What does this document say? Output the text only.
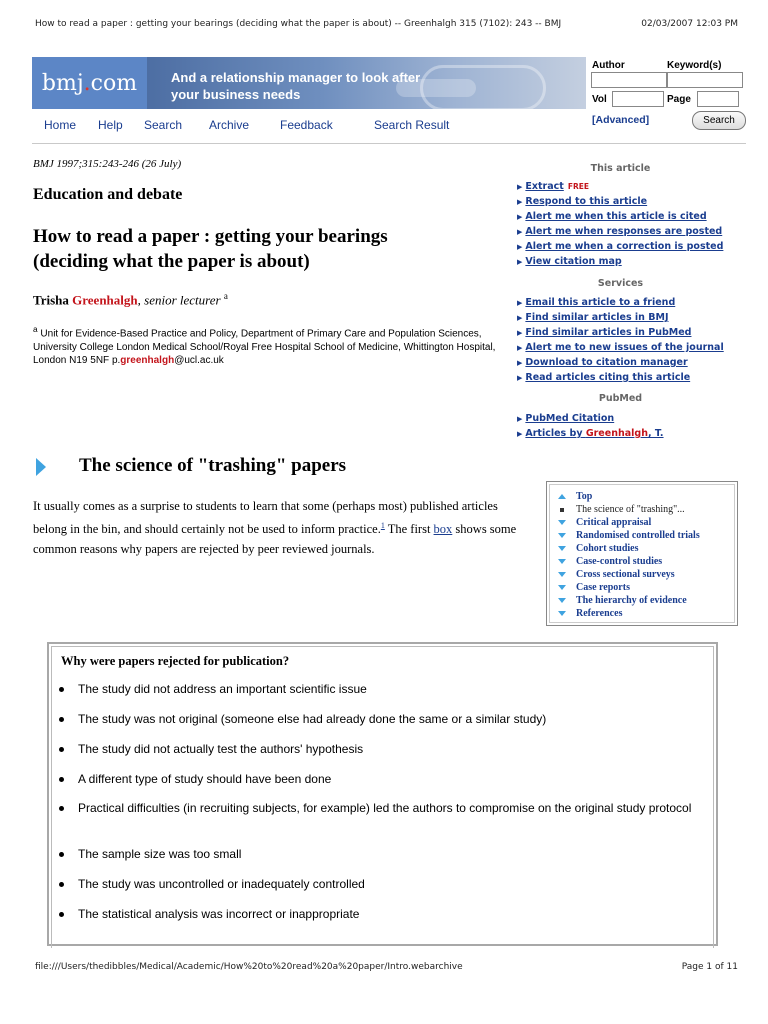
How to read a paper : getting your bearings (deciding what the paper is about) -- Greenhalgh 315 (7102): 243 -- BMJ	02/03/2007 12:03 PM
bmj . com	And a relationship manager to look after
your business needs
Author	Keyword(s)
Vol	Page
[Advanced]	Search
Home Help Search Archive	Feedback	Search Result
BMJ 1997;315:243-246 (26 July)
Education and debate
How to read a paper : getting your bearings
(deciding what the paper is about)
Trisha Greenhalgh, senior lecturer $^a$
$^a$ Unit for Evidence-Based Practice and Policy, Department of Primary Care and Population Sciences, University College London Medical School/Royal Free Hospital School of Medicine, Whittington Hospital, London N19 5NF p.greenhalgh@ucl.ac.uk
This article
▶ Extract FREE
▶ Respond to this article
▶ Alert me when this article is cited
▶ Alert me when responses are posted
▶ Alert me when a correction is posted
▶ View citation map
Services
▶ Email this article to a friend
▶ Find similar articles in BMJ
▶ Find similar articles in PubMed
▶ Alert me to new issues of the journal
▶ Download to citation manager
▶ Read articles citing this article
PubMed
▶ PubMed Citation
▶ Articles by Greenhalgh, T.
The science of "trashing" papers
It usually comes as a surprise to students to learn that some (perhaps most) published articles belong in the bin, and should certainly not be used to inform practice.$^1$ The first box shows some common reasons why papers are rejected by peer reviewed journals.
Top
The science of "trashing"...
Critical appraisal
Randomised controlled trials
Cohort studies
Case-control studies
Cross sectional surveys
Case reports
The hierarchy of evidence
References
Why were papers rejected for publication?
The study did not address an important scientific issue
The study was not original (someone else had already done the same or a similar study)
The study did not actually test the authors' hypothesis
A different type of study should have been done
Practical difficulties (in recruiting subjects, for example) led the authors to compromise on the original study protocol
The sample size was too small
The study was uncontrolled or inadequately controlled
The statistical analysis was incorrect or inappropriate
file:///Users/thedibbles/Medical/Academic/How%20to%20read%20a%20paper/Intro.webarchive	Page 1 of 11
